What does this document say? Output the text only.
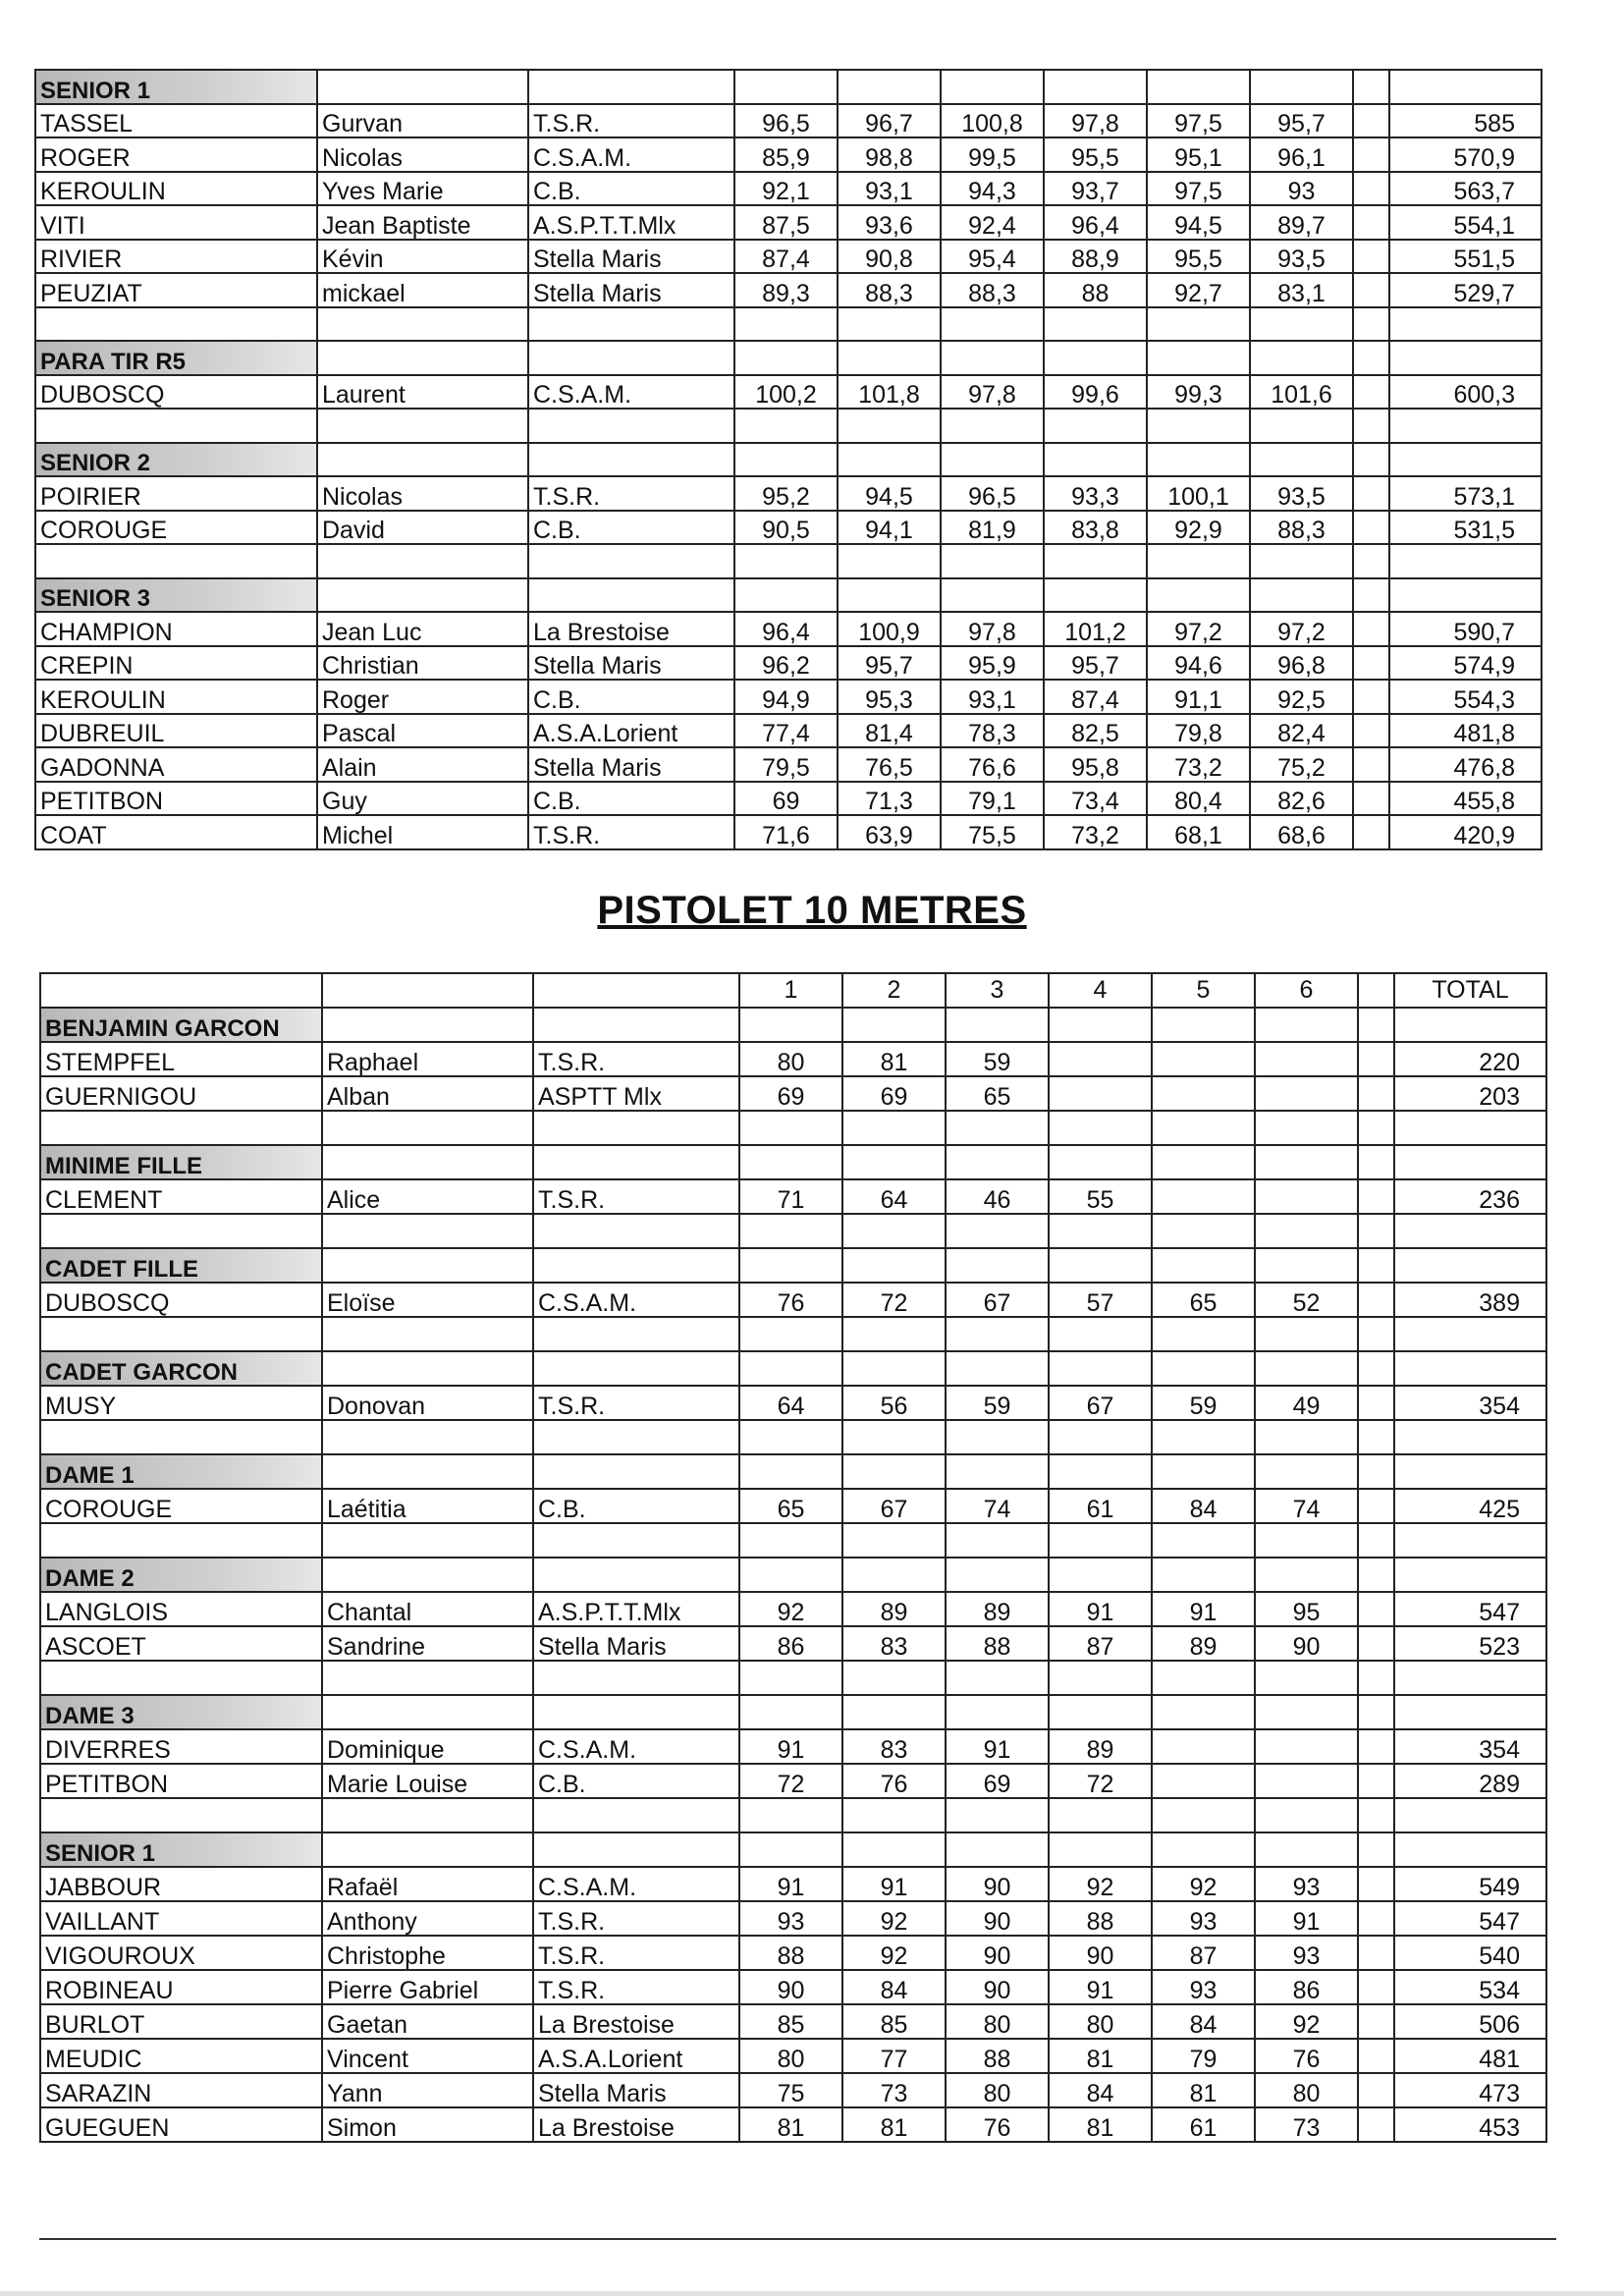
SENIOR 1										
TASSEL	Gurvan	T.S.R.	96,5	96,7	100,8	97,8	97,5	95,7		585
ROGER	Nicolas	C.S.A.M.	85,9	98,8	99,5	95,5	95,1	96,1		570,9
KEROULIN	Yves Marie	C.B.	92,1	93,1	94,3	93,7	97,5	93		563,7
VITI	Jean Baptiste	A.S.P.T.T.Mlx	87,5	93,6	92,4	96,4	94,5	89,7		554,1
RIVIER	Kévin	Stella Maris	87,4	90,8	95,4	88,9	95,5	93,5		551,5
PEUZIAT	mickael	Stella Maris	89,3	88,3	88,3	88	92,7	83,1		529,7

PARA TIR R5										
DUBOSCQ	Laurent	C.S.A.M.	100,2	101,8	97,8	99,6	99,3	101,6		600,3

SENIOR 2										
POIRIER	Nicolas	T.S.R.	95,2	94,5	96,5	93,3	100,1	93,5		573,1
COROUGE	David	C.B.	90,5	94,1	81,9	83,8	92,9	88,3		531,5

SENIOR 3										
CHAMPION	Jean Luc	La Brestoise	96,4	100,9	97,8	101,2	97,2	97,2		590,7
CREPIN	Christian	Stella Maris	96,2	95,7	95,9	95,7	94,6	96,8		574,9
KEROULIN	Roger	C.B.	94,9	95,3	93,1	87,4	91,1	92,5		554,3
DUBREUIL	Pascal	A.S.A.Lorient	77,4	81,4	78,3	82,5	79,8	82,4		481,8
GADONNA	Alain	Stella Maris	79,5	76,5	76,6	95,8	73,2	75,2		476,8
PETITBON	Guy	C.B.	69	71,3	79,1	73,4	80,4	82,6		455,8
COAT	Michel	T.S.R.	71,6	63,9	75,5	73,2	68,1	68,6		420,9
PISTOLET 10 METRES
			1	2	3	4	5	6		TOTAL
BENJAMIN GARCON										
STEMPFEL	Raphael	T.S.R.	80	81	59					220
GUERNIGOU	Alban	ASPTT Mlx	69	69	65					203

MINIME FILLE										
CLEMENT	Alice	T.S.R.	71	64	46	55				236

CADET FILLE										
DUBOSCQ	Eloïse	C.S.A.M.	76	72	67	57	65	52		389

CADET GARCON										
MUSY	Donovan	T.S.R.	64	56	59	67	59	49		354

DAME 1										
COROUGE	Laétitia	C.B.	65	67	74	61	84	74		425

DAME 2										
LANGLOIS	Chantal	A.S.P.T.T.Mlx	92	89	89	91	91	95		547
ASCOET	Sandrine	Stella Maris	86	83	88	87	89	90		523

DAME 3										
DIVERRES	Dominique	C.S.A.M.	91	83	91	89				354
PETITBON	Marie Louise	C.B.	72	76	69	72				289

SENIOR 1										
JABBOUR	Rafaël	C.S.A.M.	91	91	90	92	92	93		549
VAILLANT	Anthony	T.S.R.	93	92	90	88	93	91		547
VIGOUROUX	Christophe	T.S.R.	88	92	90	90	87	93		540
ROBINEAU	Pierre Gabriel	T.S.R.	90	84	90	91	93	86		534
BURLOT	Gaetan	La Brestoise	85	85	80	80	84	92		506
MEUDIC	Vincent	A.S.A.Lorient	80	77	88	81	79	76		481
SARAZIN	Yann	Stella Maris	75	73	80	84	81	80		473
GUEGUEN	Simon	La Brestoise	81	81	76	81	61	73		453
